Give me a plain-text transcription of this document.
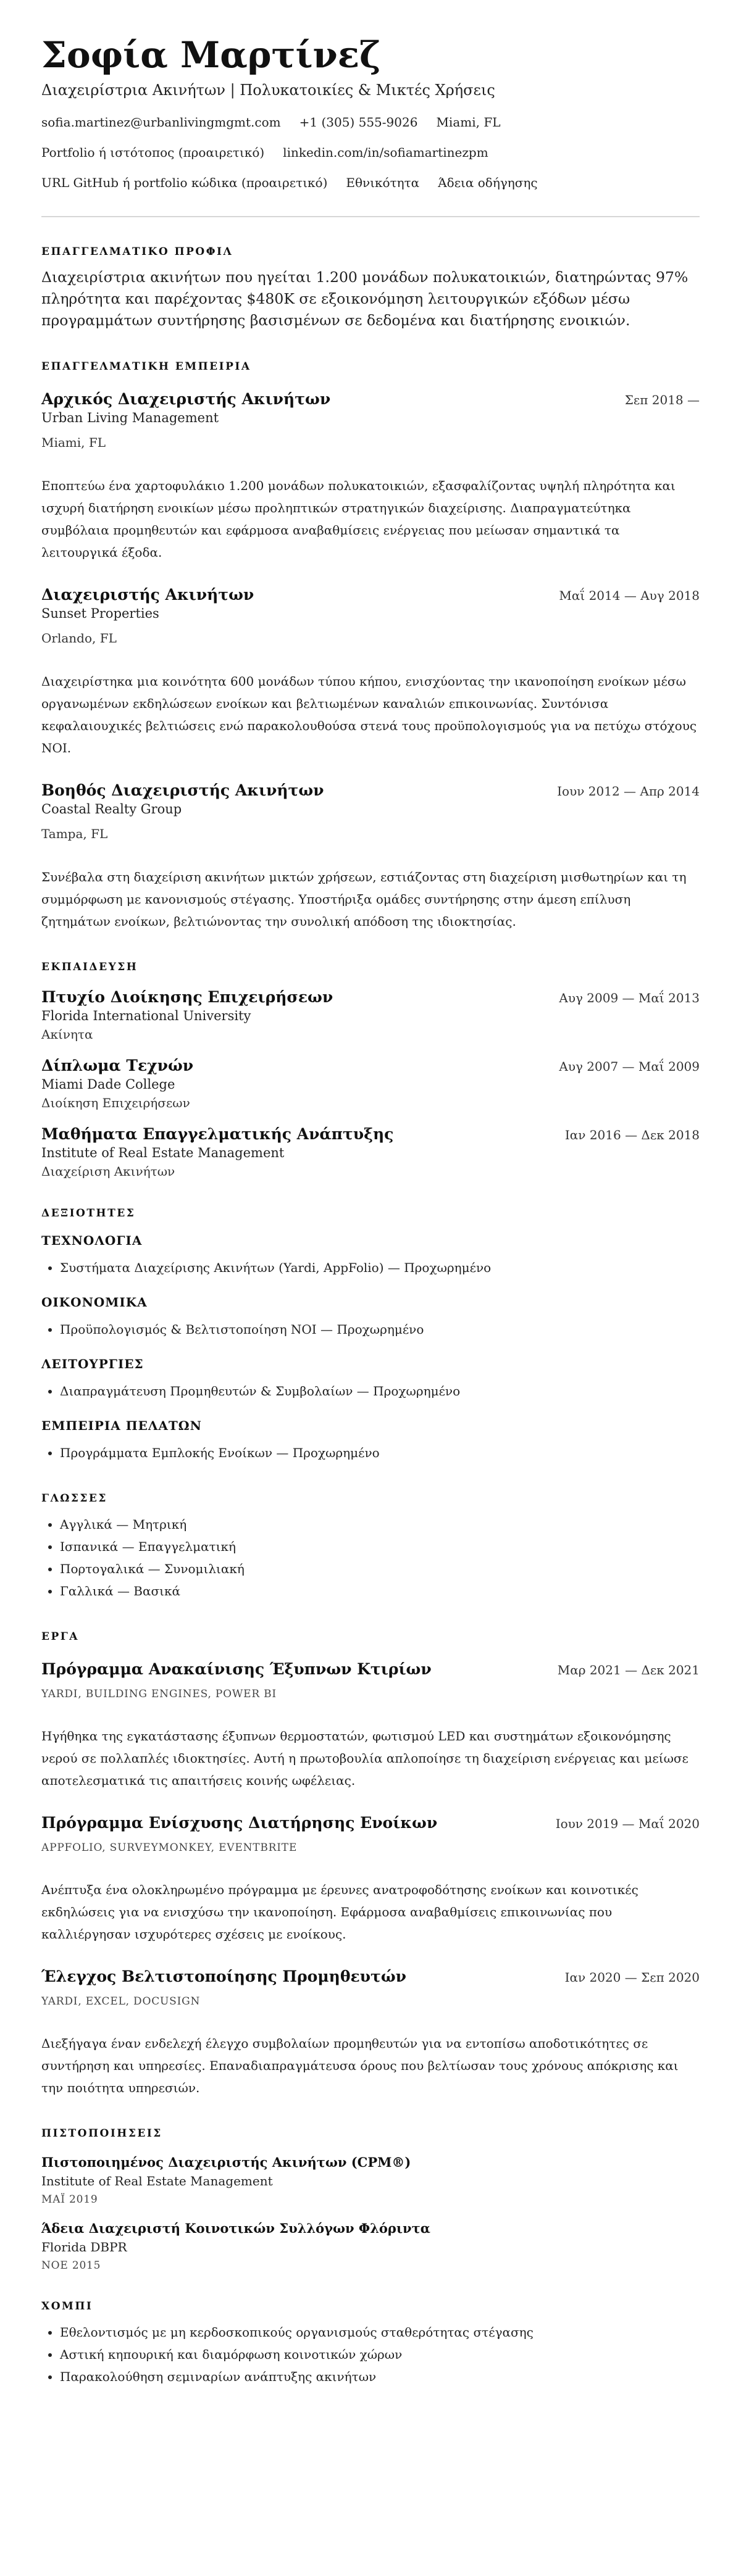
Σοφία Μαρτίνεζ
Διαχειρίστρια Ακινήτων | Πολυκατοικίες & Μικτές Χρήσεις
sofia.martinez@urbanlivingmgmt.com +1 (305) 555-9026 Miami, FL
Portfolio ή ιστότοπος (προαιρετικό) linkedin.com/in/sofiamartinezpm
URL GitHub ή portfolio κώδικα (προαιρετικό) Εθνικότητα Άδεια οδήγησης
ΕΠΑΓΓΕΛΜΑΤΙΚΟ ΠΡΟΦΙΛ

Διαχειρίστρια ακινήτων που ηγείται 1.200 μονάδων πολυκατοικιών, διατηρώντας 97% πληρότητα και παρέχοντας $480K σε εξοικονόμηση λειτουργικών εξόδων μέσω προγραμμάτων συντήρησης βασισμένων σε δεδομένα και διατήρησης ενοικιών.

ΕΠΑΓΓΕΛΜΑΤΙΚΗ ΕΜΠΕΙΡΙΑ
Αρχικός Διαχειριστής Ακινήτων	Σεπ 2018 —
Urban Living Management
Miami, FL

Εποπτεύω ένα χαρτοφυλάκιο 1.200 μονάδων πολυκατοικιών, εξασφαλίζοντας υψηλή πληρότητα και ισχυρή διατήρηση ενοικίων μέσω προληπτικών στρατηγικών διαχείρισης. Διαπραγματεύτηκα συμβόλαια προμηθευτών και εφάρμοσα αναβαθμίσεις ενέργειας που μείωσαν σημαντικά τα λειτουργικά έξοδα.

Διαχειριστής Ακινήτων	Μαΐ 2014 — Αυγ 2018
Sunset Properties
Orlando, FL

Διαχειρίστηκα μια κοινότητα 600 μονάδων τύπου κήπου, ενισχύοντας την ικανοποίηση ενοίκων μέσω οργανωμένων εκδηλώσεων ενοίκων και βελτιωμένων καναλιών επικοινωνίας. Συντόνισα κεφαλαιουχικές βελτιώσεις ενώ παρακολουθούσα στενά τους προϋπολογισμούς για να πετύχω στόχους NOI.

Βοηθός Διαχειριστής Ακινήτων	Ιουν 2012 — Απρ 2014
Coastal Realty Group
Tampa, FL

Συνέβαλα στη διαχείριση ακινήτων μικτών χρήσεων, εστιάζοντας στη διαχείριση μισθωτηρίων και τη συμμόρφωση με κανονισμούς στέγασης. Υποστήριξα ομάδες συντήρησης στην άμεση επίλυση ζητημάτων ενοίκων, βελτιώνοντας την συνολική απόδοση της ιδιοκτησίας.

ΕΚΠΑΙΔΕΥΣΗ
Πτυχίο Διοίκησης Επιχειρήσεων	Αυγ 2009 — Μαΐ 2013
Florida International University
Ακίνητα
Δίπλωμα Τεχνών	Αυγ 2007 — Μαΐ 2009
Miami Dade College
Διοίκηση Επιχειρήσεων
Μαθήματα Επαγγελματικής Ανάπτυξης	Ιαν 2016 — Δεκ 2018
Institute of Real Estate Management
Διαχείριση Ακινήτων
ΔΕΞΙΟΤΗΤΕΣ
ΤΕΧΝΟΛΟΓΙΑ
• Συστήματα Διαχείρισης Ακινήτων (Yardi, AppFolio) — Προχωρημένο
ΟΙΚΟΝΟΜΙΚΑ
• Προϋπολογισμός & Βελτιστοποίηση NOI — Προχωρημένο
ΛΕΙΤΟΥΡΓΙΕΣ
• Διαπραγμάτευση Προμηθευτών & Συμβολαίων — Προχωρημένο
ΕΜΠΕΙΡΙΑ ΠΕΛΑΤΩΝ
• Προγράμματα Εμπλοκής Ενοίκων — Προχωρημένο
ΓΛΩΣΣΕΣ
• Αγγλικά — Μητρική
• Ισπανικά — Επαγγελματική
• Πορτογαλικά — Συνομιλιακή
• Γαλλικά — Βασικά
ΕΡΓΑ
Πρόγραμμα Ανακαίνισης Έξυπνων Κτιρίων	Μαρ 2021 — Δεκ 2021
YARDI, BUILDING ENGINES, POWER BI

Ηγήθηκα της εγκατάστασης έξυπνων θερμοστατών, φωτισμού LED και συστημάτων εξοικονόμησης νερού σε πολλαπλές ιδιοκτησίες. Αυτή η πρωτοβουλία απλοποίησε τη διαχείριση ενέργειας και μείωσε αποτελεσματικά τις απαιτήσεις κοινής ωφέλειας.

Πρόγραμμα Ενίσχυσης Διατήρησης Ενοίκων	Ιουν 2019 — Μαΐ 2020
APPFOLIO, SURVEYMONKEY, EVENTBRITE

Ανέπτυξα ένα ολοκληρωμένο πρόγραμμα με έρευνες ανατροφοδότησης ενοίκων και κοινοτικές εκδηλώσεις για να ενισχύσω την ικανοποίηση. Εφάρμοσα αναβαθμίσεις επικοινωνίας που καλλιέργησαν ισχυρότερες σχέσεις με ενοίκους.

Έλεγχος Βελτιστοποίησης Προμηθευτών	Ιαν 2020 — Σεπ 2020
YARDI, EXCEL, DOCUSIGN

Διεξήγαγα έναν ενδελεχή έλεγχο συμβολαίων προμηθευτών για να εντοπίσω αποδοτικότητες σε συντήρηση και υπηρεσίες. Επαναδιαπραγμάτευσα όρους που βελτίωσαν τους χρόνους απόκρισης και την ποιότητα υπηρεσιών.

ΠΙΣΤΟΠΟΙΗΣΕΙΣ
Πιστοποιημένος Διαχειριστής Ακινήτων (CPM®)
Institute of Real Estate Management
ΜΑΪ 2019
Άδεια Διαχειριστή Κοινοτικών Συλλόγων Φλόριντα
Florida DBPR
ΝΟΕ 2015
ΧΟΜΠΙ
• Εθελοντισμός με μη κερδοσκοπικούς οργανισμούς σταθερότητας στέγασης
• Αστική κηπουρική και διαμόρφωση κοινοτικών χώρων
• Παρακολούθηση σεμιναρίων ανάπτυξης ακινήτων
